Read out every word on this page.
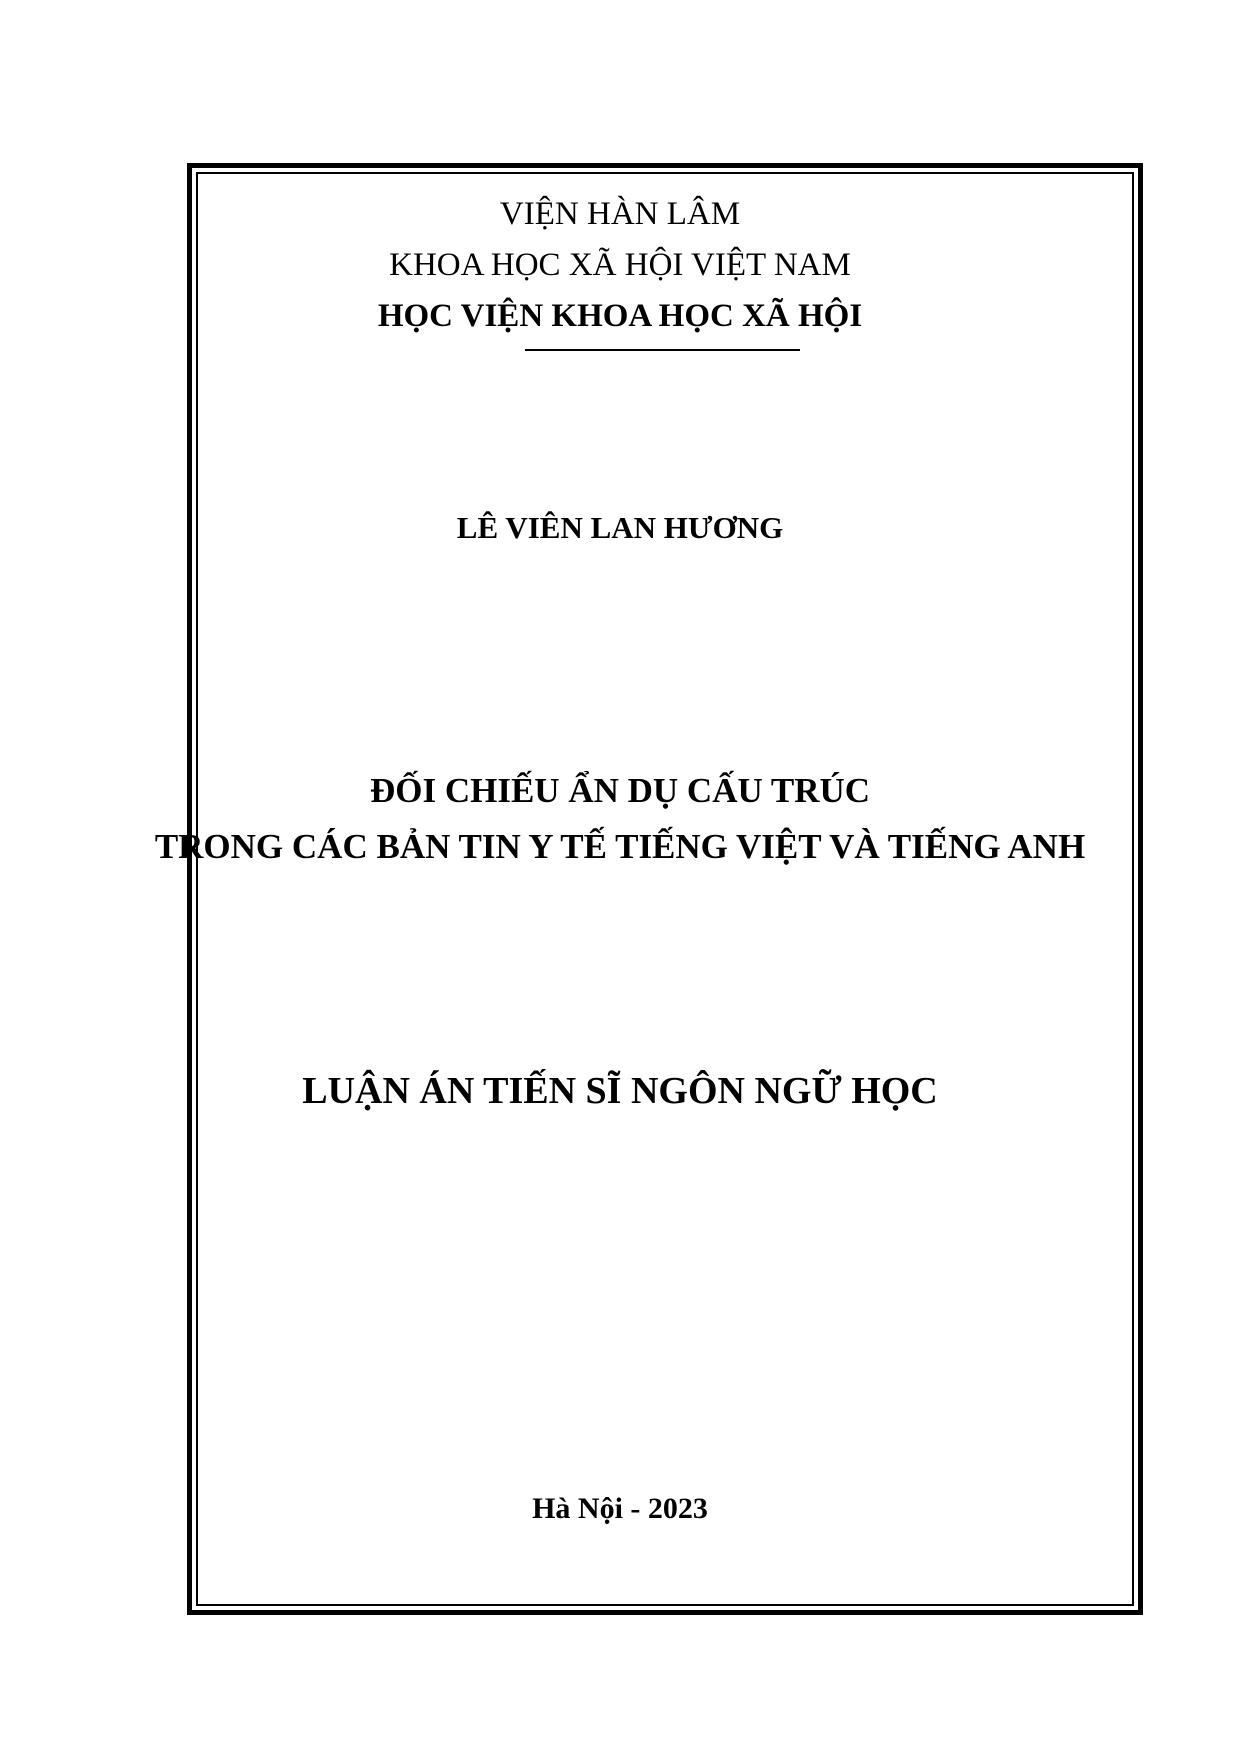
VIỆN HÀN LÂM
KHOA HỌC XÃ HỘI VIỆT NAM
HỌC VIỆN KHOA HỌC XÃ HỘI
LÊ VIÊN LAN HƯƠNG
ĐỐI CHIẾU ẨN DỤ CẤU TRÚC
TRONG CÁC BẢN TIN Y TẾ TIẾNG VIỆT VÀ TIẾNG ANH
LUẬN ÁN TIẾN SĨ NGÔN NGỮ HỌC
Hà Nội - 2023
